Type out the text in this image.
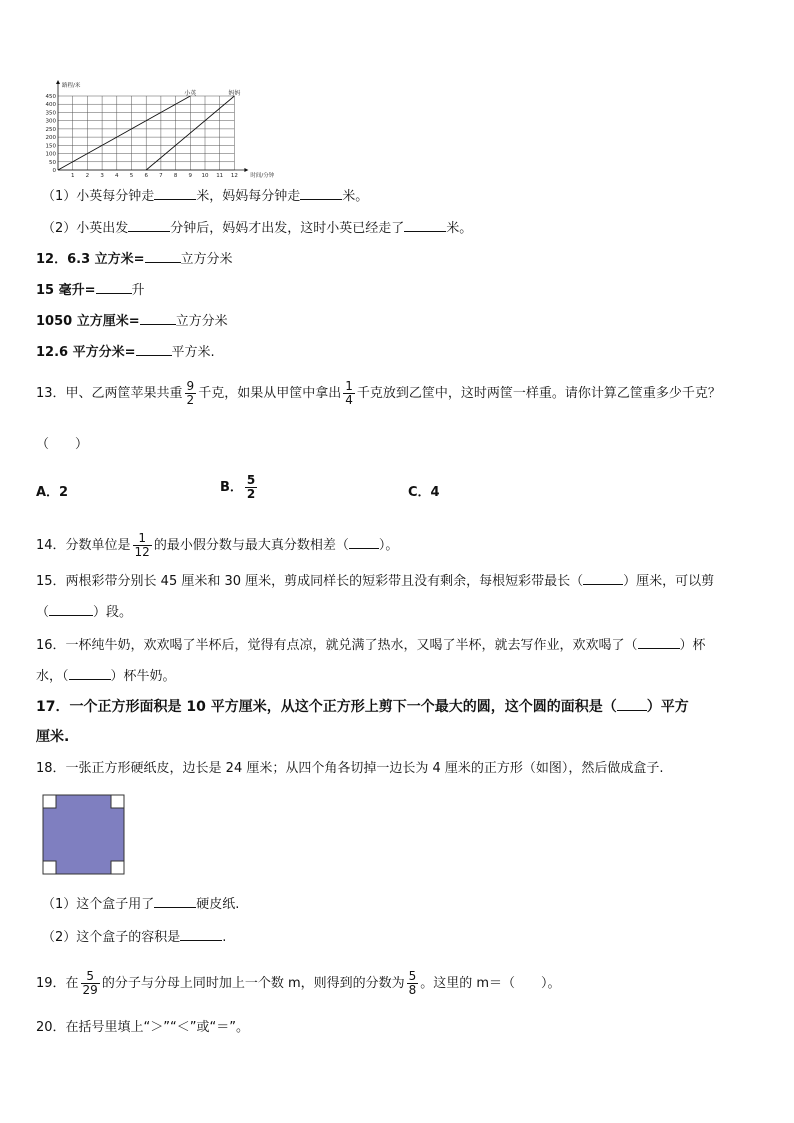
0
50
100
150
200
250
300
350
400
450
1 2 3 4 5 6 7 8 9 10 11 12
路程/米
时间/分钟
小英	妈妈
（1）小英每分钟走	米，妈妈每分钟走	米。
（2）小英出发	分钟后，妈妈才出发，这时小英已经走了	米。
12．6.3 立方米=	立方分米
15 毫升=	升
1050 立方厘米=	立方分米
12.6 平方分米=	平方米.
13．甲、乙两筐苹果共重 $\frac{9}{2}$ 千克，如果从甲筐中拿出 $\frac{1}{4}$ 千克放到乙筐中，这时两筐一样重。请你计算乙筐重多少千克？
（　　）
A．2	B． $\frac{5}{2}$	C．4
14．分数单位是 $\frac{1}{12}$ 的最小假分数与最大真分数相差（ ）。
15．两根彩带分别长 45 厘米和 30 厘米，剪成同样长的短彩带且没有剩余，每根短彩带最长（	）厘米，可以剪
（	）段。
16．一杯纯牛奶，欢欢喝了半杯后，觉得有点凉，就兑满了热水，又喝了半杯，就去写作业，欢欢喝了（	）杯
水，（	）杯牛奶。
17．一个正方形面积是 10 平方厘米，从这个正方形上剪下一个最大的圆，这个圆的面积是（ ）平方
厘米.
18．一张正方形硬纸皮，边长是 24 厘米；从四个角各切掉一边长为 4 厘米的正方形（如图），然后做成盒子.
（1）这个盒子用了	硬皮纸.
（2）这个盒子的容积是	.
19．在 $\frac{5}{29}$ 的分子与分母上同时加上一个数 m，则得到的分数为 $\frac{5}{8}$ 。这里的 m＝（　　）。
20．在括号里填上“＞”“＜”或“＝”。
